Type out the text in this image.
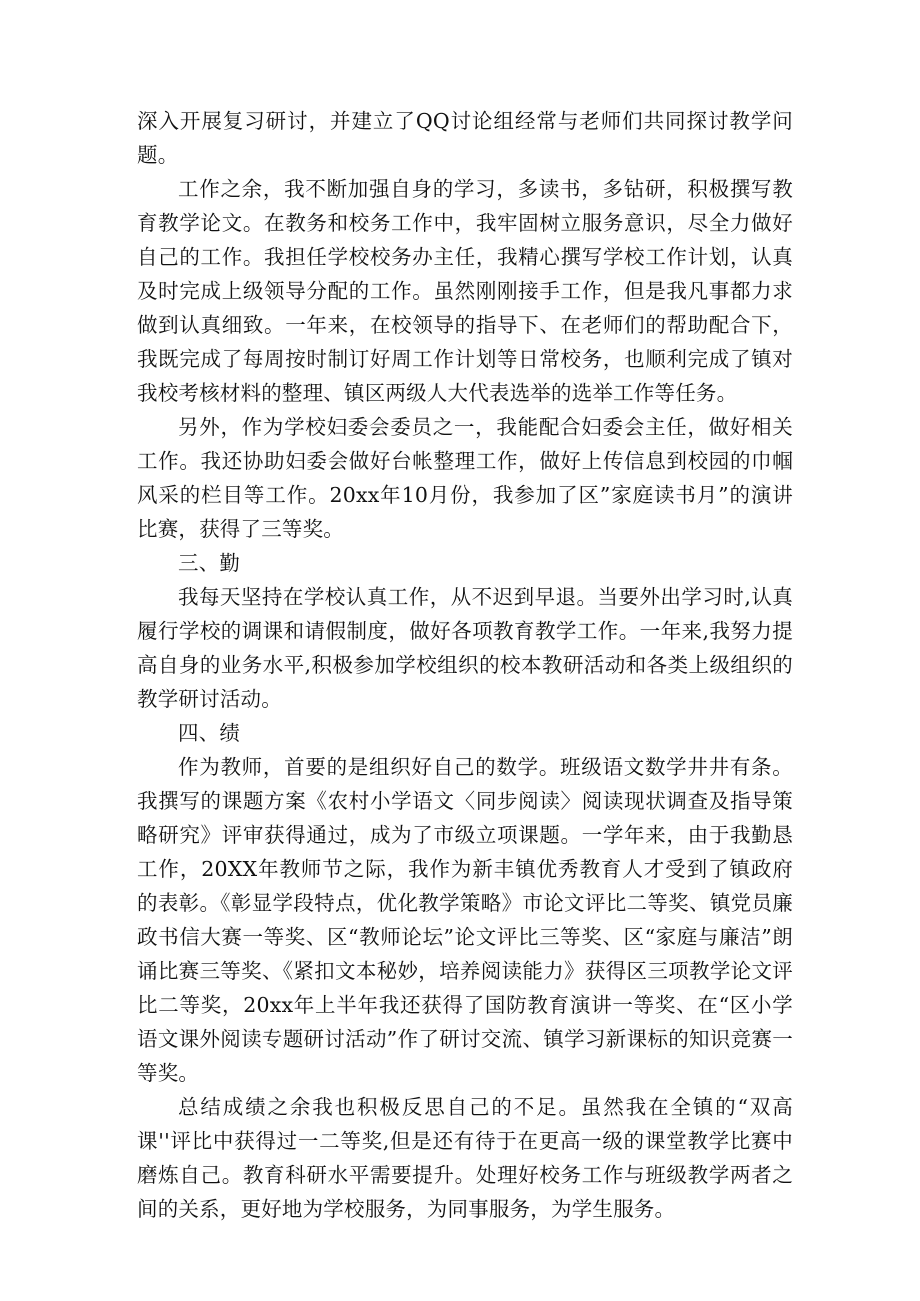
深入开展复习研讨，并建立了QQ讨论组经常与老师们共同探讨教学问题。

工作之余，我不断加强自身的学习，多读书，多钻研，积极撰写教育教学论文。在教务和校务工作中，我牢固树立服务意识，尽全力做好自己的工作。我担任学校校务办主任，我精心撰写学校工作计划，认真及时完成上级领导分配的工作。虽然刚刚接手工作，但是我凡事都力求做到认真细致。一年来，在校领导的指导下、在老师们的帮助配合下，我既完成了每周按时制订好周工作计划等日常校务，也顺利完成了镇对我校考核材料的整理、镇区两级人大代表选举的选举工作等任务。

另外，作为学校妇委会委员之一，我能配合妇委会主任，做好相关工作。我还协助妇委会做好台帐整理工作，做好上传信息到校园的巾帼风采的栏目等工作。20xx年10月份，我参加了区”家庭读书月”的演讲比赛，获得了三等奖。

三、勤

我每天坚持在学校认真工作，从不迟到早退。当要外出学习时,认真履行学校的调课和请假制度，做好各项教育教学工作。一年来,我努力提高自身的业务水平,积极参加学校组织的校本教研活动和各类上级组织的教学研讨活动。

四、绩

作为教师，首要的是组织好自己的数学。班级语文数学井井有条。我撰写的课题方案《农村小学语文〈同步阅读〉阅读现状调查及指导策略研究》评审获得通过，成为了市级立项课题。一学年来，由于我勤恳工作，20XX年教师节之际，我作为新丰镇优秀教育人才受到了镇政府的表彰。《彰显学段特点，优化教学策略》市论文评比二等奖、镇党员廉政书信大赛一等奖、区“教师论坛”论文评比三等奖、区“家庭与廉洁”朗诵比赛三等奖、《紧扣文本秘妙，培养阅读能力》获得区三项教学论文评比二等奖，20xx年上半年我还获得了国防教育演讲一等奖、在“区小学语文课外阅读专题研讨活动”作了研讨交流、镇学习新课标的知识竞赛一等奖。

总结成绩之余我也积极反思自己的不足。虽然我在全镇的“双高课''评比中获得过一二等奖,但是还有待于在更高一级的课堂教学比赛中磨炼自己。教育科研水平需要提升。处理好校务工作与班级教学两者之间的关系，更好地为学校服务，为同事服务，为学生服务。
